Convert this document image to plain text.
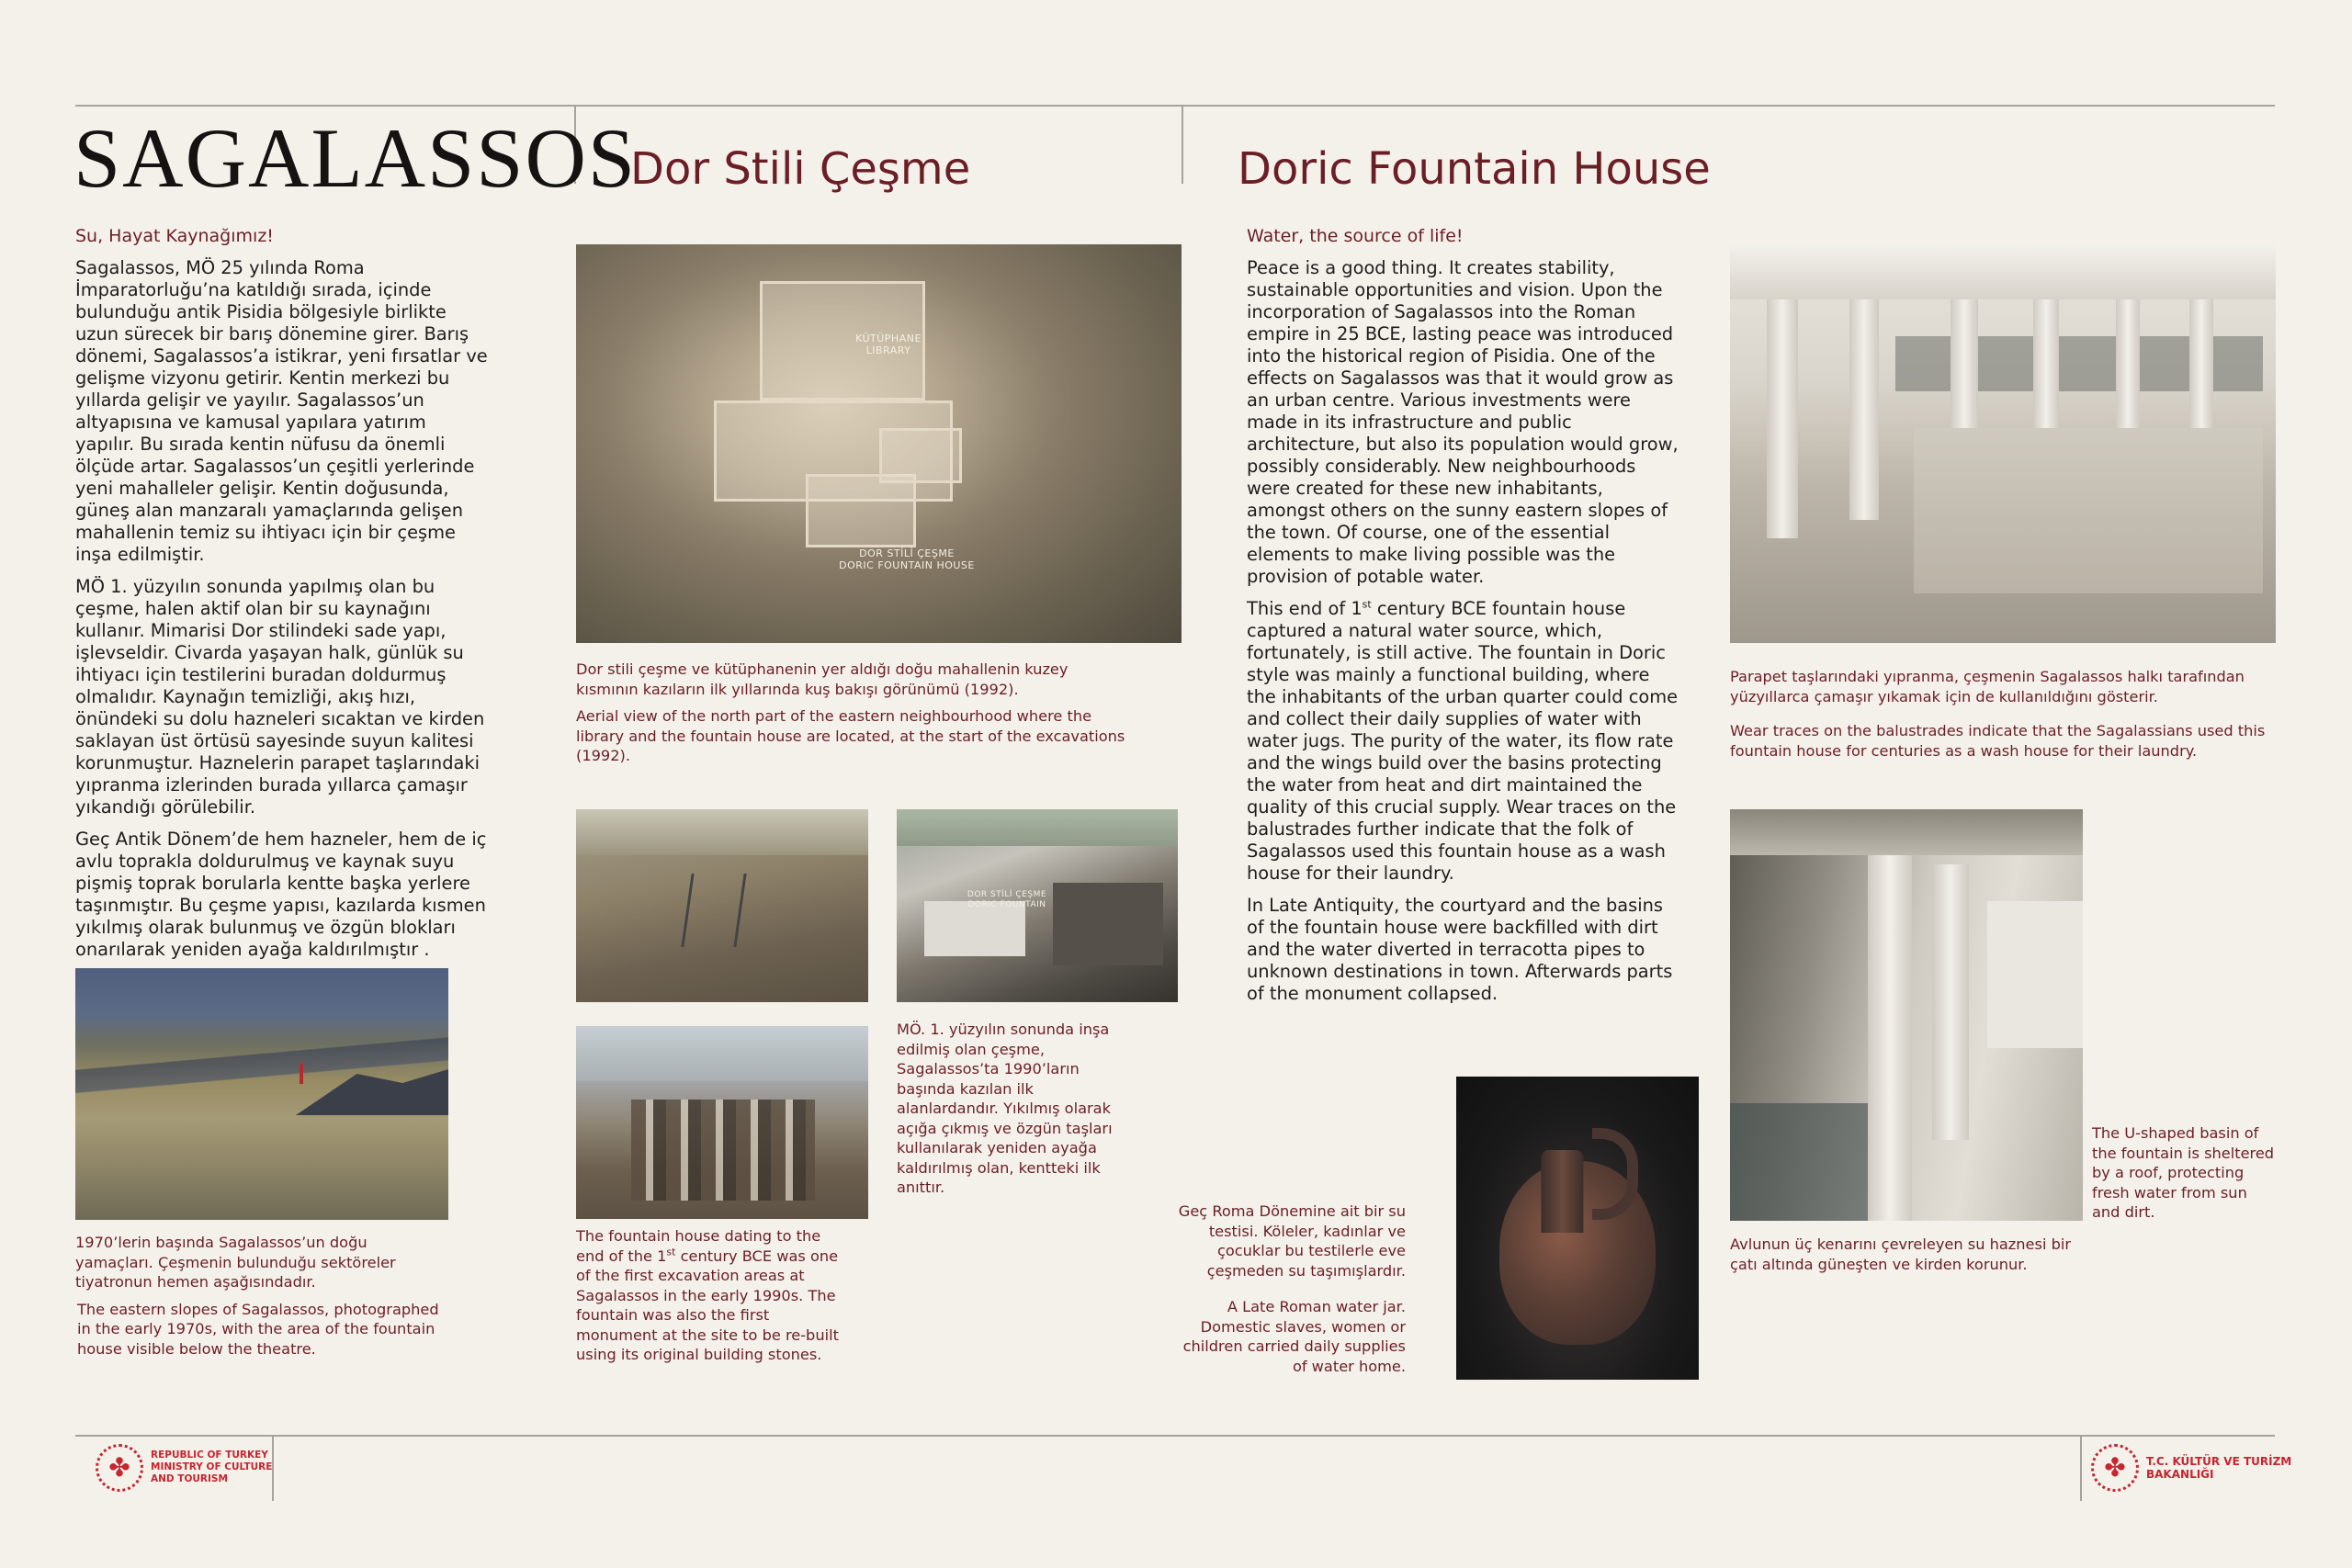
SAGALASSOS
Dor Stili Çeşme	Doric Fountain House
Su, Hayat Kaynağımız!

Sagalassos, MÖ 25 yılında Roma İmparatorluğu’na katıldığı sırada, içinde bulunduğu antik Pisidia bölgesiyle birlikte uzun sürecek bir barış dönemine girer. Barış dönemi, Sagalassos’a istikrar, yeni fırsatlar ve gelişme vizyonu getirir. Kentin merkezi bu yıllarda gelişir ve yayılır. Sagalassos’un altyapısına ve kamusal yapılara yatırım yapılır. Bu sırada kentin nüfusu da önemli ölçüde artar. Sagalassos’un çeşitli yerlerinde yeni mahalleler gelişir. Kentin doğusunda, güneş alan manzaralı yamaçlarında gelişen mahallenin temiz su ihtiyacı için bir çeşme inşa edilmiştir.

MÖ 1. yüzyılın sonunda yapılmış olan bu çeşme, halen aktif olan bir su kaynağını kullanır. Mimarisi Dor stilindeki sade yapı, işlevseldir. Civarda yaşayan halk, günlük su ihtiyacı için testilerini buradan doldurmuş olmalıdır. Kaynağın temizliği, akış hızı, önündeki su dolu hazneleri sıcaktan ve kirden saklayan üst örtüsü sayesinde suyun kalitesi korunmuştur. Haznelerin parapet taşlarındaki yıpranma izlerinden burada yıllarca çamaşır yıkandığı görülebilir.

Geç Antik Dönem’de hem hazneler, hem de iç avlu toprakla doldurulmuş ve kaynak suyu pişmiş toprak borularla kentte başka yerlere taşınmıştır. Bu çeşme yapısı, kazılarda kısmen yıkılmış olarak bulunmuş ve özgün blokları onarılarak yeniden ayağa kaldırılmıştır .

1970’lerin başında Sagalassos’un doğu yamaçları. Çeşmenin bulunduğu sektöreler tiyatronun hemen aşağısındadır.

The eastern slopes of Sagalassos, photographed in the early 1970s, with the area of the fountain house visible below the theatre.

KÜTÜPHANE
LIBRARY
DOR STİLİ ÇEŞME
DORIC FOUNTAIN HOUSE

Dor stili çeşme ve kütüphanenin yer aldığı doğu mahallenin kuzey kısmının kazıların ilk yıllarında kuş bakışı görünümü (1992).

Aerial view of the north part of the eastern neighbourhood where the library and the fountain house are located, at the start of the excavations (1992).

DOR STİLİ ÇEŞME
DORIC FOUNTAIN
MÖ. 1. yüzyılın sonunda inşa edilmiş olan çeşme, Sagalassos’ta 1990’ların başında kazılan ilk alanlardandır. Yıkılmış olarak açığa çıkmış ve özgün taşları kullanılarak yeniden ayağa kaldırılmış olan, kentteki ilk anıttır.
The fountain house dating to the end of the 1st century BCE was one of the first excavation areas at Sagalassos in the early 1990s. The fountain was also the first monument at the site to be re-built using its original building stones.
Water, the source of life!

Peace is a good thing. It creates stability, sustainable opportunities and vision. Upon the incorporation of Sagalassos into the Roman empire in 25 BCE, lasting peace was introduced into the historical region of Pisidia. One of the effects on Sagalassos was that it would grow as an urban centre. Various investments were made in its infrastructure and public architecture, but also its population would grow, possibly considerably. New neighbourhoods were created for these new inhabitants, amongst others on the sunny eastern slopes of the town. Of course, one of the essential elements to make living possible was the provision of potable water.

This end of 1st century BCE fountain house captured a natural water source, which, fortunately, is still active. The fountain in Doric style was mainly a functional building, where the inhabitants of the urban quarter could come and collect their daily supplies of water with water jugs. The purity of the water, its flow rate and the wings build over the basins protecting the water from heat and dirt maintained the quality of this crucial supply. Wear traces on the balustrades further indicate that the folk of Sagalassos used this fountain house as a wash house for their laundry.

In Late Antiquity, the courtyard and the basins of the fountain house were backfilled with dirt and the water diverted in terracotta pipes to unknown destinations in town. Afterwards parts of the monument collapsed.

Geç Roma Dönemine ait bir su testisi. Köleler, kadınlar ve çocuklar bu testilerle eve çeşmeden su taşımışlardır.

A Late Roman water jar. Domestic slaves, women or children carried daily supplies of water home.

Parapet taşlarındaki yıpranma, çeşmenin Sagalassos halkı tarafından yüzyıllarca çamaşır yıkamak için de kullanıldığını gösterir.

Wear traces on the balustrades indicate that the Sagalassians used this fountain house for centuries as a wash house for their laundry.

The U-shaped basin of the fountain is sheltered by a roof, protecting fresh water from sun and dirt.
Avlunun üç kenarını çevreleyen su haznesi bir çatı altında güneşten ve kirden korunur.
✤
REPUBLIC OF TURKEY
MINISTRY OF CULTURE
AND TOURISM
✤
T.C. KÜLTÜR VE TURİZM
BAKANLIĞI
